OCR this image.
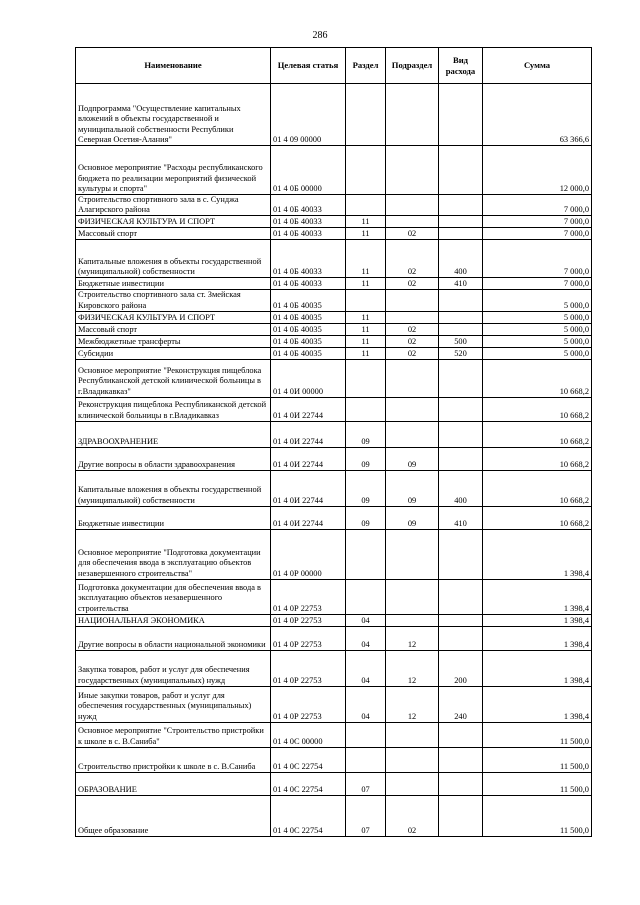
286
Наименование	Целевая статья	Раздел	Подраздел	Вид расхода	Сумма
Подпрограмма "Осуществление капитальных вложений в объекты государственной и муниципальной собственности Республики Северная Осетия-Алания"	01 4 09 00000				63 366,6
Основное мероприятие "Расходы республиканского бюджета по реализации мероприятий физической культуры и спорта"	01 4 0Б 00000				12 000,0
Строительство спортивного зала в с. Сунджа Алагирского района	01 4 0Б 40033				7 000,0
ФИЗИЧЕСКАЯ КУЛЬТУРА И СПОРТ	01 4 0Б 40033	11			7 000,0
Массовый спорт	01 4 0Б 40033	11	02		7 000,0
Капитальные вложения в объекты государственной (муниципальной) собственности	01 4 0Б 40033	11	02	400	7 000,0
Бюджетные инвестиции	01 4 0Б 40033	11	02	410	7 000,0
Строительство спортивного зала ст. Змейская Кировского района	01 4 0Б 40035				5 000,0
ФИЗИЧЕСКАЯ КУЛЬТУРА И СПОРТ	01 4 0Б 40035	11			5 000,0
Массовый спорт	01 4 0Б 40035	11	02		5 000,0
Межбюджетные трансферты	01 4 0Б 40035	11	02	500	5 000,0
Субсидии	01 4 0Б 40035	11	02	520	5 000,0
Основное мероприятие "Реконструкция пищеблока Республиканской детской клинической больницы в г.Владикавказ"	01 4 0И 00000				10 668,2
Реконструкция пищеблока Республиканской детской клинической больницы в г.Владикавказ	01 4 0И 22744				10 668,2
ЗДРАВООХРАНЕНИЕ	01 4 0И 22744	09			10 668,2
Другие вопросы в области здравоохранения	01 4 0И 22744	09	09		10 668,2
Капитальные вложения в объекты государственной (муниципальной) собственности	01 4 0И 22744	09	09	400	10 668,2
Бюджетные инвестиции	01 4 0И 22744	09	09	410	10 668,2
Основное мероприятие "Подготовка документации для обеспечения ввода в эксплуатацию объектов незавершенного строительства"	01 4 0Р 00000				1 398,4
Подготовка документации для обеспечения ввода в эксплуатацию объектов незавершенного строительства	01 4 0Р 22753				1 398,4
НАЦИОНАЛЬНАЯ ЭКОНОМИКА	01 4 0Р 22753	04			1 398,4
Другие вопросы в области национальной экономики	01 4 0Р 22753	04	12		1 398,4
Закупка товаров, работ и услуг для обеспечения государственных (муниципальных) нужд	01 4 0Р 22753	04	12	200	1 398,4
Иные закупки товаров, работ и услуг для обеспечения государственных (муниципальных) нужд	01 4 0Р 22753	04	12	240	1 398,4
Основное мероприятие "Строительство пристройки к школе в с. В.Саниба"	01 4 0С 00000				11 500,0
Строительство пристройки к школе в с. В.Саниба	01 4 0С 22754				11 500,0
ОБРАЗОВАНИЕ	01 4 0С 22754	07			11 500,0
Общее образование	01 4 0С 22754	07	02		11 500,0
